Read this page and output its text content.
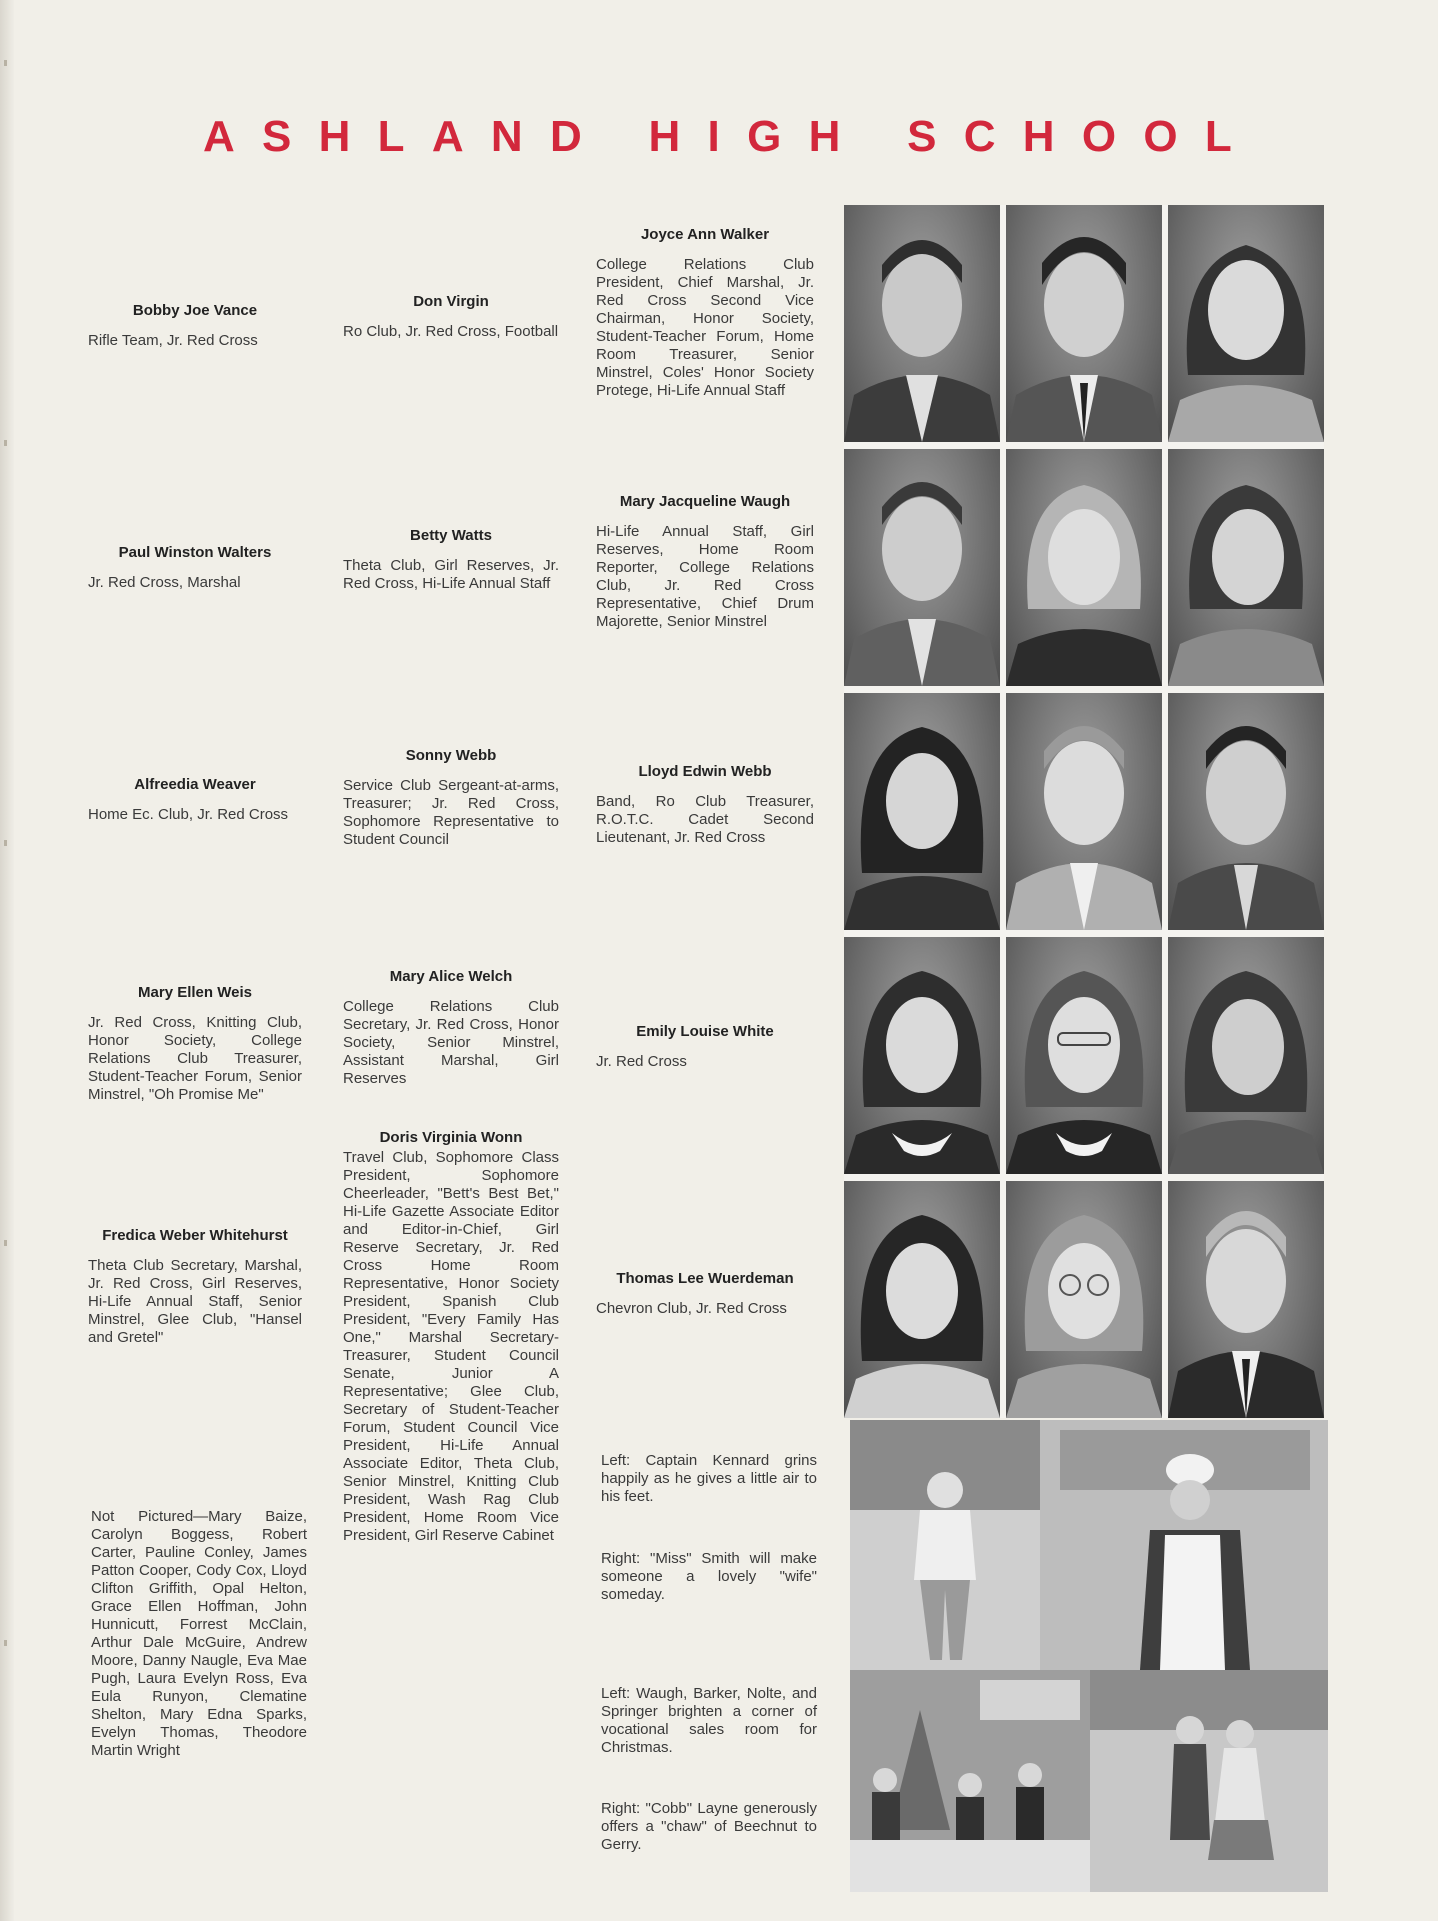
ASHLAND HIGH SCHOOL
Bobby Joe Vance
Rifle Team, Jr. Red Cross
Don Virgin
Ro Club, Jr. Red Cross, Football
Joyce Ann Walker
College Relations Club President, Chief Marshal, Jr. Red Cross Second Vice Chairman, Honor Society, Student-Teacher Forum, Home Room Treasurer, Senior Minstrel, Coles' Honor Society Protege, Hi-Life Annual Staff
Paul Winston Walters
Jr. Red Cross, Marshal
Betty Watts
Theta Club, Girl Reserves, Jr. Red Cross, Hi-Life Annual Staff
Mary Jacqueline Waugh
Hi-Life Annual Staff, Girl Reserves, Home Room Reporter, College Relations Club, Jr. Red Cross Representative, Chief Drum Majorette, Senior Minstrel
Alfreedia Weaver
Home Ec. Club, Jr. Red Cross
Sonny Webb
Service Club Sergeant-at-arms, Treasurer; Jr. Red Cross, Sophomore Representative to Student Council
Lloyd Edwin Webb
Band, Ro Club Treasurer, R.O.T.C. Cadet Second Lieutenant, Jr. Red Cross
Mary Ellen Weis
Jr. Red Cross, Knitting Club, Honor Society, College Relations Club Treasurer, Student-Teacher Forum, Senior Minstrel, "Oh Promise Me"
Mary Alice Welch
College Relations Club Secretary, Jr. Red Cross, Honor Society, Senior Minstrel, Assistant Marshal, Girl Reserves
Emily Louise White
Jr. Red Cross
Doris Virginia Wonn
Travel Club, Sophomore Class President, Sophomore Cheerleader, "Bett's Best Bet," Hi-Life Gazette Associate Editor and Editor-in-Chief, Girl Reserve Secretary, Jr. Red Cross Home Room Representative, Honor Society President, Spanish Club President, "Every Family Has One," Marshal Secretary-Treasurer, Student Council Senate, Junior A Representative; Glee Club, Secretary of Student-Teacher Forum, Student Council Vice President, Hi-Life Annual Associate Editor, Theta Club, Senior Minstrel, Knitting Club President, Wash Rag Club President, Home Room Vice President, Girl Reserve Cabinet
Fredica Weber Whitehurst
Theta Club Secretary, Marshal, Jr. Red Cross, Girl Reserves, Hi-Life Annual Staff, Senior Minstrel, Glee Club, "Hansel and Gretel"
Thomas Lee Wuerdeman
Chevron Club, Jr. Red Cross
Not Pictured—Mary Baize, Carolyn Boggess, Robert Carter, Pauline Conley, James Patton Cooper, Cody Cox, Lloyd Clifton Griffith, Opal Helton, Grace Ellen Hoffman, John Hunnicutt, Forrest McClain, Arthur Dale McGuire, Andrew Moore, Danny Naugle, Eva Mae Pugh, Laura Evelyn Ross, Eva Eula Runyon, Clematine Shelton, Mary Edna Sparks, Evelyn Thomas, Theodore Martin Wright
Left: Captain Kennard grins happily as he gives a little air to his feet.
Right: "Miss" Smith will make someone a lovely "wife" someday.
Left: Waugh, Barker, Nolte, and Springer brighten a corner of vocational sales room for Christmas.
Right: "Cobb" Layne generously offers a "chaw" of Beechnut to Gerry.
